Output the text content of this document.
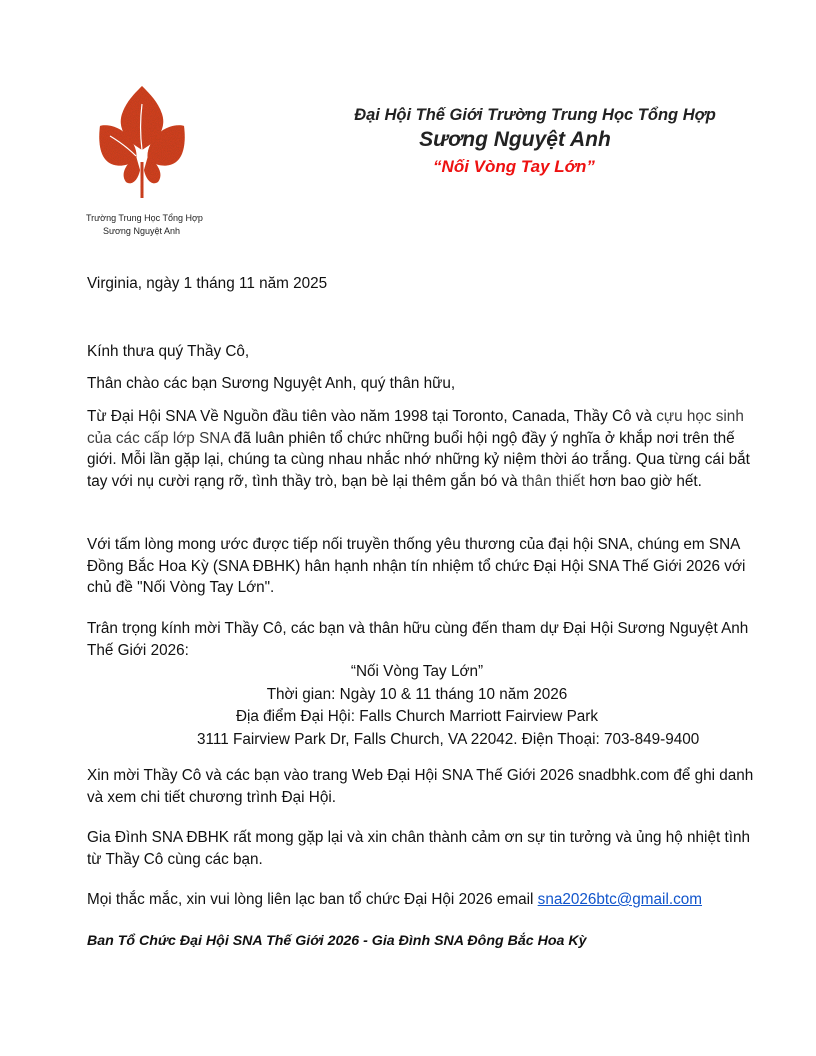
Trường Trung Học Tổng Hợp
Sương Nguyệt Anh
Đại Hội Thế Giới Trường Trung Học Tổng Hợp
Sương Nguyệt Anh
“Nối Vòng Tay Lớn”
Virginia, ngày 1 tháng 11 năm 2025
Kính thưa quý Thầy Cô,
Thân chào các bạn Sương Nguyệt Anh, quý thân hữu,
Từ Đại Hội SNA Về Nguồn đầu tiên vào năm 1998 tại Toronto, Canada, Thầy Cô và cựu học sinh của các cấp lớp SNA đã luân phiên tổ chức những buổi hội ngộ đầy ý nghĩa ở khắp nơi trên thế giới. Mỗi lần gặp lại, chúng ta cùng nhau nhắc nhớ những kỷ niệm thời áo trắng. Qua từng cái bắt tay với nụ cười rạng rỡ, tình thầy trò, bạn bè lại thêm gắn bó và thân thiết hơn bao giờ hết.
Với tấm lòng mong ước được tiếp nối truyền thống yêu thương của đại hội SNA, chúng em SNA Đồng Bắc Hoa Kỳ (SNA ĐBHK) hân hạnh nhận tín nhiệm tổ chức Đại Hội SNA Thế Giới 2026 với chủ đề "Nối Vòng Tay Lớn".
Trân trọng kính mời Thầy Cô, các bạn và thân hữu cùng đến tham dự Đại Hội Sương Nguyệt Anh Thế Giới 2026:
“Nối Vòng Tay Lớn”
Thời gian: Ngày 10 & 11 tháng 10 năm 2026
Địa điểm Đại Hội: Falls Church Marriott Fairview Park
3111 Fairview Park Dr, Falls Church, VA 22042. Điện Thoại: 703-849-9400
Xin mời Thầy Cô và các bạn vào trang Web Đại Hội SNA Thế Giới 2026 snadbhk.com để ghi danh và xem chi tiết chương trình Đại Hội.
Gia Đình SNA ĐBHK rất mong gặp lại và xin chân thành cảm ơn sự tin tưởng và ủng hộ nhiệt tình từ Thầy Cô cùng các bạn.
Mọi thắc mắc, xin vui lòng liên lạc ban tổ chức Đại Hội 2026 email sna2026btc@gmail.com
Ban Tổ Chức Đại Hội SNA Thế Giới 2026 - Gia Đình SNA Đông Bắc Hoa Kỳ
